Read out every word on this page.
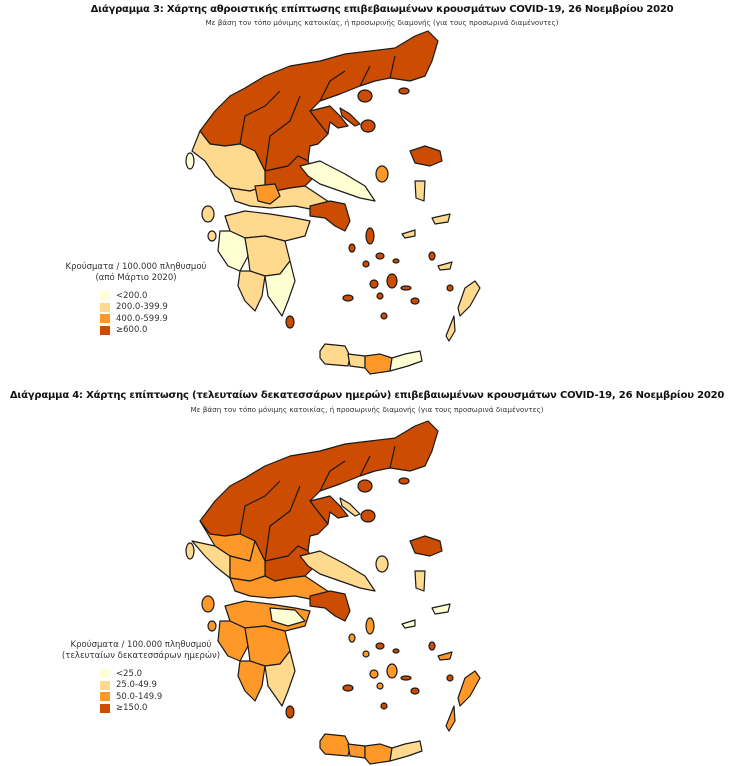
Διάγραμμα 3: Χάρτης αθροιστικής επίπτωσης επιβεβαιωμένων κρουσμάτων COVID-19, 26 Νοεμβρίου 2020
Με βάση τον τόπο μόνιμης κατοικίας, ή προσωρινής διαμονής (για τους προσωρινά διαμένοντες)
Κρούσματα / 100.000 πληθυσμού
(από Μάρτιο 2020)
<200.0
200.0-399.9
400.0-599.9
≥600.0
Διάγραμμα 4: Χάρτης επίπτωσης (τελευταίων δεκατεσσάρων ημερών) επιβεβαιωμένων κρουσμάτων COVID-19, 26 Νοεμβρίου 2020
Με βάση τον τόπο μόνιμης κατοικίας, ή προσωρινής διαμονής (για τους προσωρινά διαμένοντες)
Κρούσματα / 100.000 πληθυσμού
(τελευταίων δεκατεσσάρων ημερών)
<25.0
25.0-49.9
50.0-149.9
≥150.0
